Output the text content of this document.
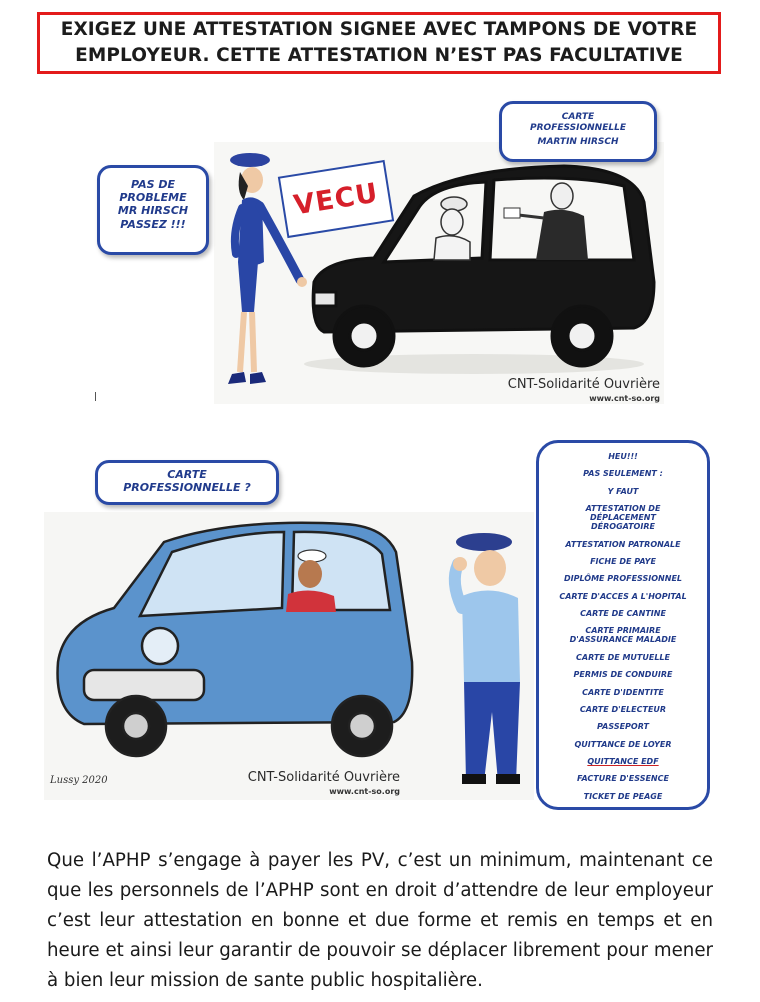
EXIGEZ UNE ATTESTATION SIGNEE AVEC TAMPONS DE VOTRE
EMPLOYEUR. CETTE ATTESTATION N’EST PAS FACULTATIVE
PAS DE
PROBLEME
MR HIRSCH
PASSEZ !!!
CARTE
PROFESSIONNELLE
MARTIN HIRSCH
VECU
CNT-Solidarité Ouvrière
www.cnt-so.org
CARTE
PROFESSIONNELLE ?
Lussy 2020	CNT-Solidarité Ouvrière
www.cnt-so.org
HEU!!!
PAS SEULEMENT :
Y FAUT
ATTESTATION DE DÉPLACEMENT DÉROGATOIRE
ATTESTATION PATRONALE
FICHE DE PAYE
DIPLÔME PROFESSIONNEL
CARTE D'ACCES A L'HOPITAL
CARTE DE CANTINE
CARTE PRIMAIRE D'ASSURANCE MALADIE
CARTE DE MUTUELLE
PERMIS DE CONDUIRE
CARTE D'IDENTITE
CARTE D'ELECTEUR
PASSEPORT
QUITTANCE DE LOYER
QUITTANCE EDF
FACTURE D'ESSENCE
TICKET DE PEAGE
Que l’APHP s’engage à payer les PV, c’est un minimum, maintenant ce que les personnels de l’APHP sont en droit d’attendre de leur employeur c’est leur attestation en bonne et due forme et remis en temps et en heure et ainsi leur garantir de pouvoir se déplacer librement pour mener à bien leur mission de sante public hospitalière.
